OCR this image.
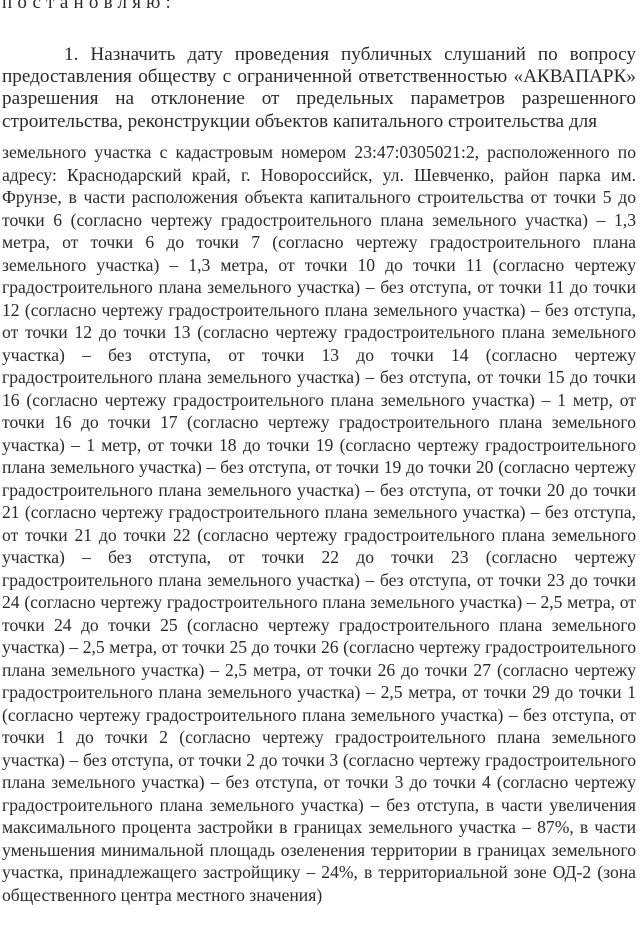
постановляю:
1. Назначить дату проведения публичных слушаний по вопросу предоставления обществу с ограниченной ответственностью «АКВАПАРК» разрешения на отклонение от предельных параметров разрешенного строительства, реконструкции объектов капитального строительства для
земельного участка с кадастровым номером 23:47:0305021:2, расположенного по адресу: Краснодарский край, г. Новороссийск, ул. Шевченко, район парка им. Фрунзе, в части расположения объекта капитального строительства от точки 5 до точки 6 (согласно чертежу градостроительного плана земельного участка) – 1,3 метра, от точки 6 до точки 7 (согласно чертежу градостроительного плана земельного участка) – 1,3 метра, от точки 10 до точки 11 (согласно чертежу градостроительного плана земельного участка) – без отступа, от точки 11 до точки 12 (согласно чертежу градостроительного плана земельного участка) – без отступа, от точки 12 до точки 13 (согласно чертежу градостроительного плана земельного участка) – без отступа, от точки 13 до точки 14 (согласно чертежу градостроительного плана земельного участка) – без отступа, от точки 15 до точки 16 (согласно чертежу градостроительного плана земельного участка) – 1 метр, от точки 16 до точки 17 (согласно чертежу градостроительного плана земельного участка) – 1 метр, от точки 18 до точки 19 (согласно чертежу градостроительного плана земельного участка) – без отступа, от точки 19 до точки 20 (согласно чертежу градостроительного плана земельного участка) – без отступа, от точки 20 до точки 21 (согласно чертежу градостроительного плана земельного участка) – без отступа, от точки 21 до точки 22 (согласно чертежу градостроительного плана земельного участка) – без отступа, от точки 22 до точки 23 (согласно чертежу градостроительного плана земельного участка) – без отступа, от точки 23 до точки 24 (согласно чертежу градостроительного плана земельного участка) – 2,5 метра, от точки 24 до точки 25 (согласно чертежу градостроительного плана земельного участка) – 2,5 метра, от точки 25 до точки 26 (согласно чертежу градостроительного плана земельного участка) – 2,5 метра, от точки 26 до точки 27 (согласно чертежу градостроительного плана земельного участка) – 2,5 метра, от точки 29 до точки 1 (согласно чертежу градостроительного плана земельного участка) – без отступа, от точки 1 до точки 2 (согласно чертежу градостроительного плана земельного участка) – без отступа, от точки 2 до точки 3 (согласно чертежу градостроительного плана земельного участка) – без отступа, от точки 3 до точки 4 (согласно чертежу градостроительного плана земельного участка) – без отступа, в части увеличения максимального процента застройки в границах земельного участка – 87%, в части уменьшения минимальной площадь озеленения территории в границах земельного участка, принадлежащего застройщику – 24%, в территориальной зоне ОД-2 (зона общественного центра местного значения)
